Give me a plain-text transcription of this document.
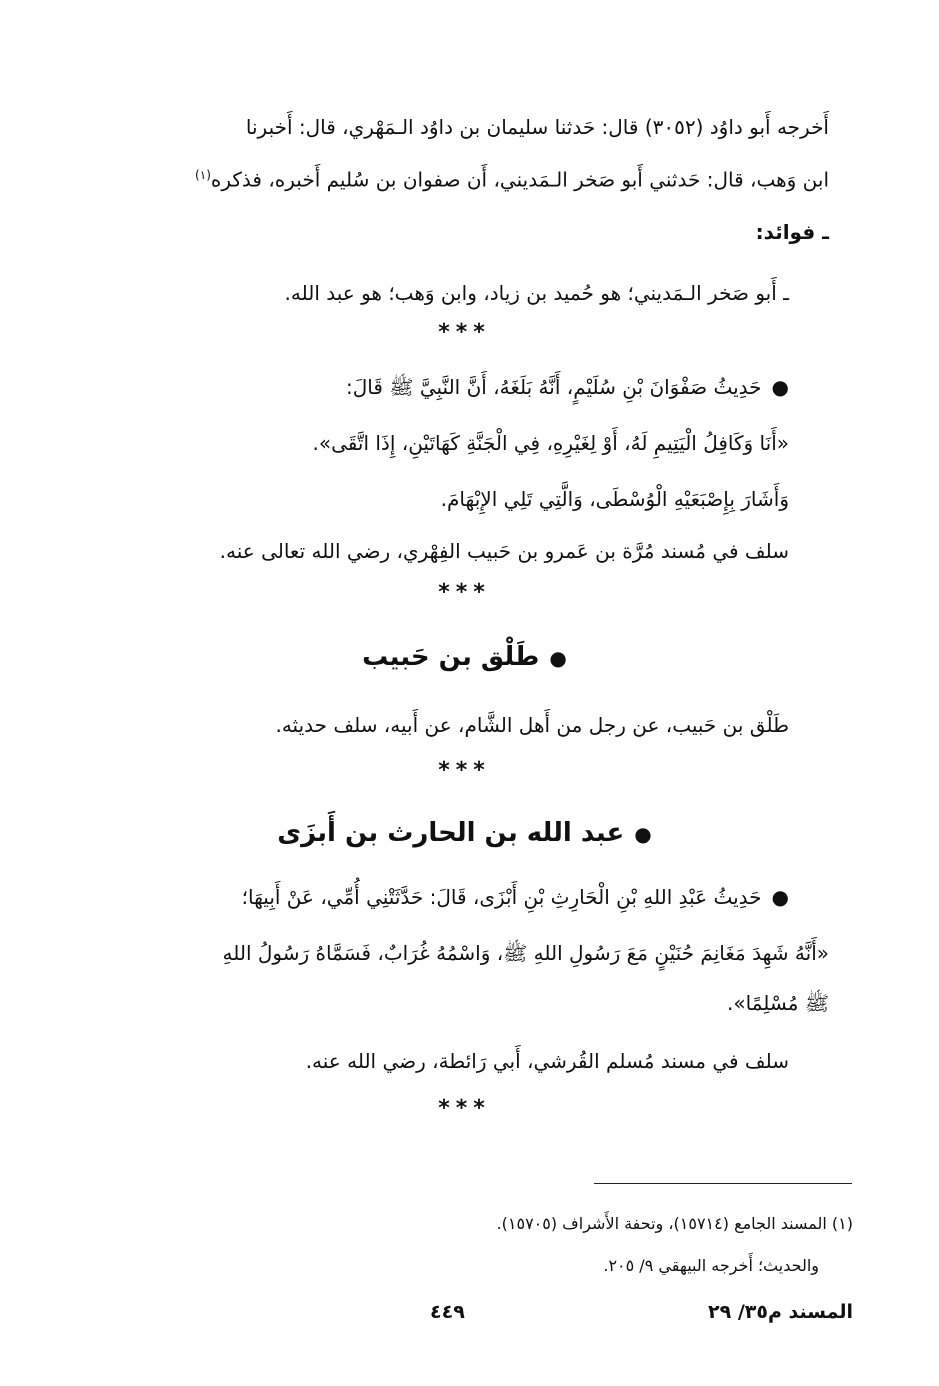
أَخرجه أَبو داوُد (٣٠٥٢) قال: حَدثنا سليمان بن داوُد الـمَهْري، قال: أَخبرنا
ابن وَهب، قال: حَدثني أَبو صَخر الـمَديني، أَن صفوان بن سُليم أَخبره، فذكره$^{(١)}$
ـ فوائد:
ـ أَبو صَخر الـمَديني؛ هو حُميد بن زياد، وابن وَهب؛ هو عبد الله.
***
●حَدِيثُ صَفْوَانَ بْنِ سُلَيْمٍ، أَنَّهُ بَلَغَهُ، أَنَّ النَّبِيَّ ﷺ قَالَ:
«أَنَا وَكَافِلُ الْيَتِيمِ لَهُ، أَوْ لِغَيْرِهِ، فِي الْجَنَّةِ كَهَاتَيْنِ، إِذَا اتَّقَى».
وَأَشَارَ بِإِصْبَعَيْهِ الْوُسْطَى، وَالَّتِي تَلِي الإِبْهَامَ.
سلف في مُسند مُرَّة بن عَمرو بن حَبيب الفِهْري، رضي الله تعالى عنه.
***
●طَلْق بن حَبيب
طَلْق بن حَبيب، عن رجل من أَهل الشَّام، عن أَبيه، سلف حديثه.
***
●عبد الله بن الحارث بن أَبزَى
●حَدِيثُ عَبْدِ اللهِ بْنِ الْحَارِثِ بْنِ أَبْزَى، قَالَ: حَدَّثَتْنِي أُمِّي، عَنْ أَبِيهَا؛
«أَنَّهُ شَهِدَ مَغَانِمَ حُنَيْنٍ مَعَ رَسُولِ اللهِ ﷺ، وَاسْمُهُ غُرَابٌ، فَسَمَّاهُ رَسُولُ اللهِ
ﷺ مُسْلِمًا».
سلف في مسند مُسلم القُرشي، أَبي رَائطة، رضي الله عنه.
***
(١) المسند الجامع (١٥٧١٤)، وتحفة الأَشراف (١٥٧٠٥).
والحديث؛ أَخرجه البيهقي ٩/ ٢٠٥.
المسند م٣٥/ ٢٩
٤٤٩
